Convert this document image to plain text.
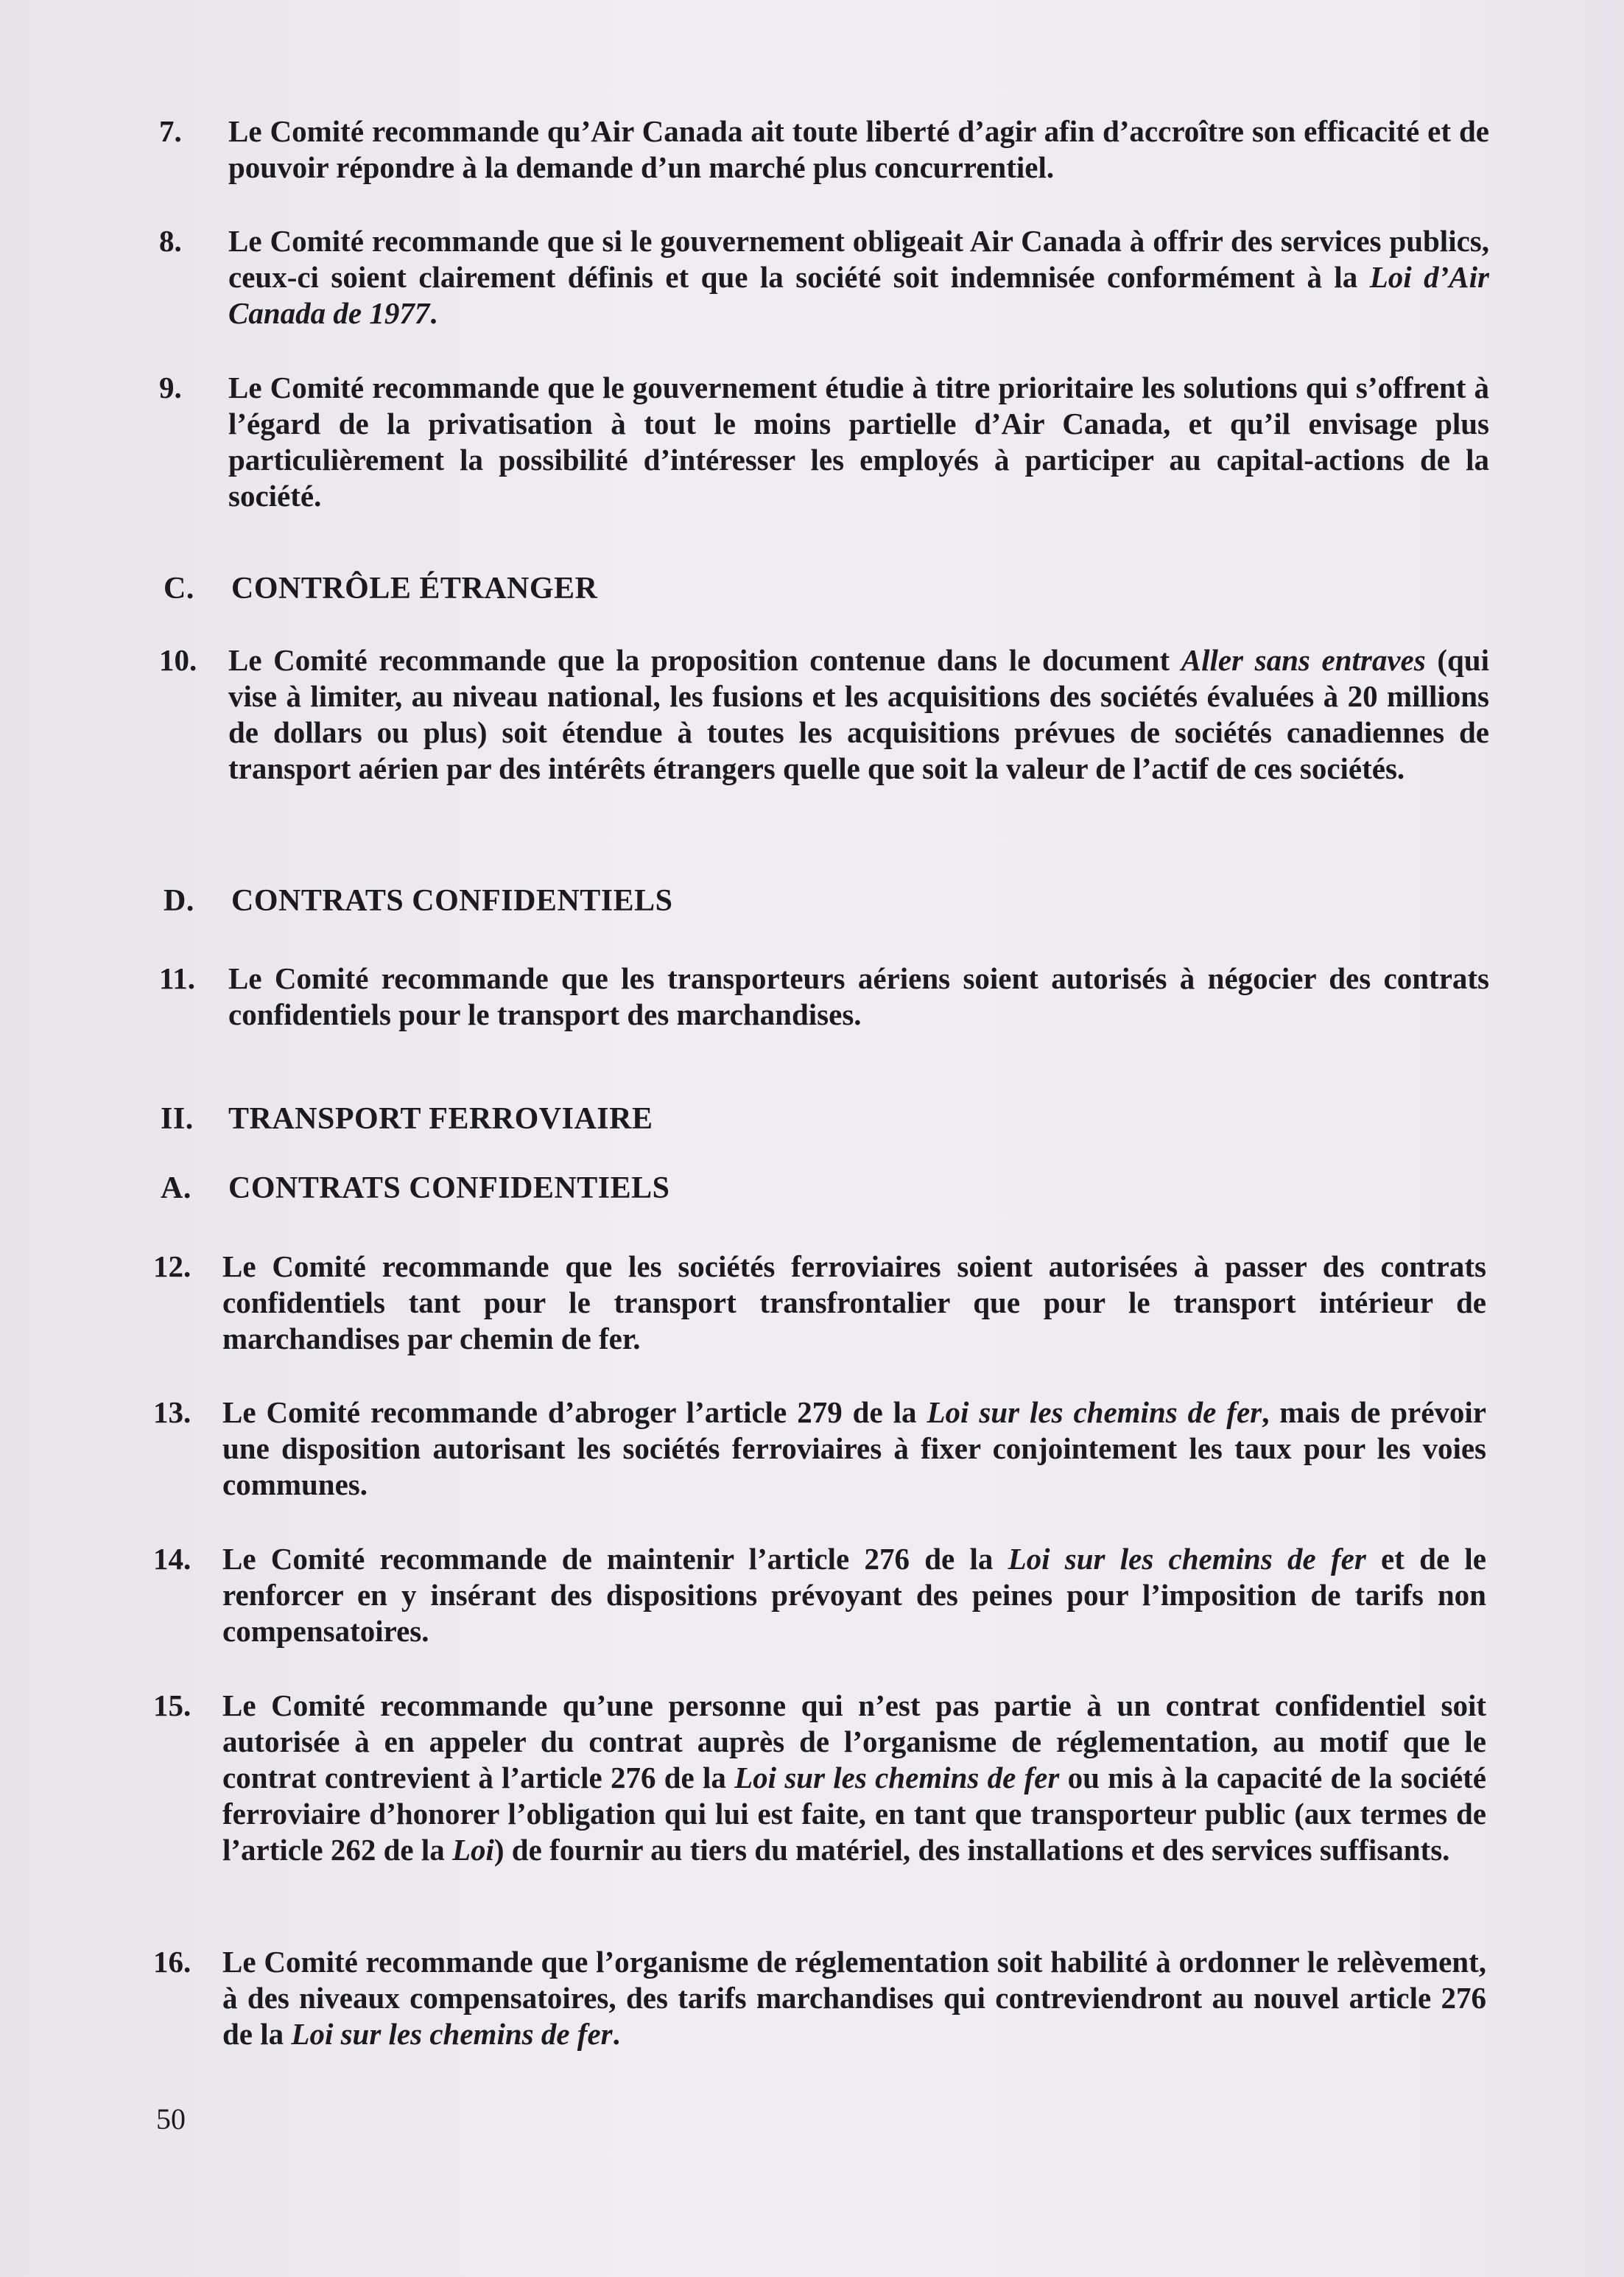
7.	Le Comité recommande qu’Air Canada ait toute liberté d’agir afin d’accroître son efficacité et de pouvoir répondre à la demande d’un marché plus concurrentiel.
8.	Le Comité recommande que si le gouvernement obligeait Air Canada à offrir des services publics, ceux-ci soient clairement définis et que la société soit indemnisée conformément à la Loi d’Air Canada de 1977.
9.	Le Comité recommande que le gouvernement étudie à titre prioritaire les solutions qui s’offrent à l’égard de la privatisation à tout le moins partielle d’Air Canada, et qu’il envisage plus particulièrement la possibilité d’intéresser les employés à participer au capital-actions de la société.
C. CONTRÔLE ÉTRANGER
10.	Le Comité recommande que la proposition contenue dans le document Aller sans entraves (qui vise à limiter, au niveau national, les fusions et les acquisitions des sociétés évaluées à 20 millions de dollars ou plus) soit étendue à toutes les acquisitions prévues de sociétés canadiennes de transport aérien par des intérêts étrangers quelle que soit la valeur de l’actif de ces sociétés.
D. CONTRATS CONFIDENTIELS
11.	Le Comité recommande que les transporteurs aériens soient autorisés à négocier des contrats confidentiels pour le transport des marchandises.
II. TRANSPORT FERROVIAIRE
A. CONTRATS CONFIDENTIELS
12.	Le Comité recommande que les sociétés ferroviaires soient autorisées à passer des contrats confidentiels tant pour le transport transfrontalier que pour le transport intérieur de marchandises par chemin de fer.
13.	Le Comité recommande d’abroger l’article 279 de la Loi sur les chemins de fer, mais de prévoir une disposition autorisant les sociétés ferroviaires à fixer conjointement les taux pour les voies communes.
14.	Le Comité recommande de maintenir l’article 276 de la Loi sur les chemins de fer et de le renforcer en y insérant des dispositions prévoyant des peines pour l’imposition de tarifs non compensatoires.
15.	Le Comité recommande qu’une personne qui n’est pas partie à un contrat confidentiel soit autorisée à en appeler du contrat auprès de l’organisme de réglementation, au motif que le contrat contrevient à l’article 276 de la Loi sur les chemins de fer ou mis à la capacité de la société ferroviaire d’honorer l’obligation qui lui est faite, en tant que transporteur public (aux termes de l’article 262 de la Loi) de fournir au tiers du matériel, des installations et des services suffisants.
16.	Le Comité recommande que l’organisme de réglementation soit habilité à ordonner le relèvement, à des niveaux compensatoires, des tarifs marchandises qui contreviendront au nouvel article 276 de la Loi sur les chemins de fer.
50
